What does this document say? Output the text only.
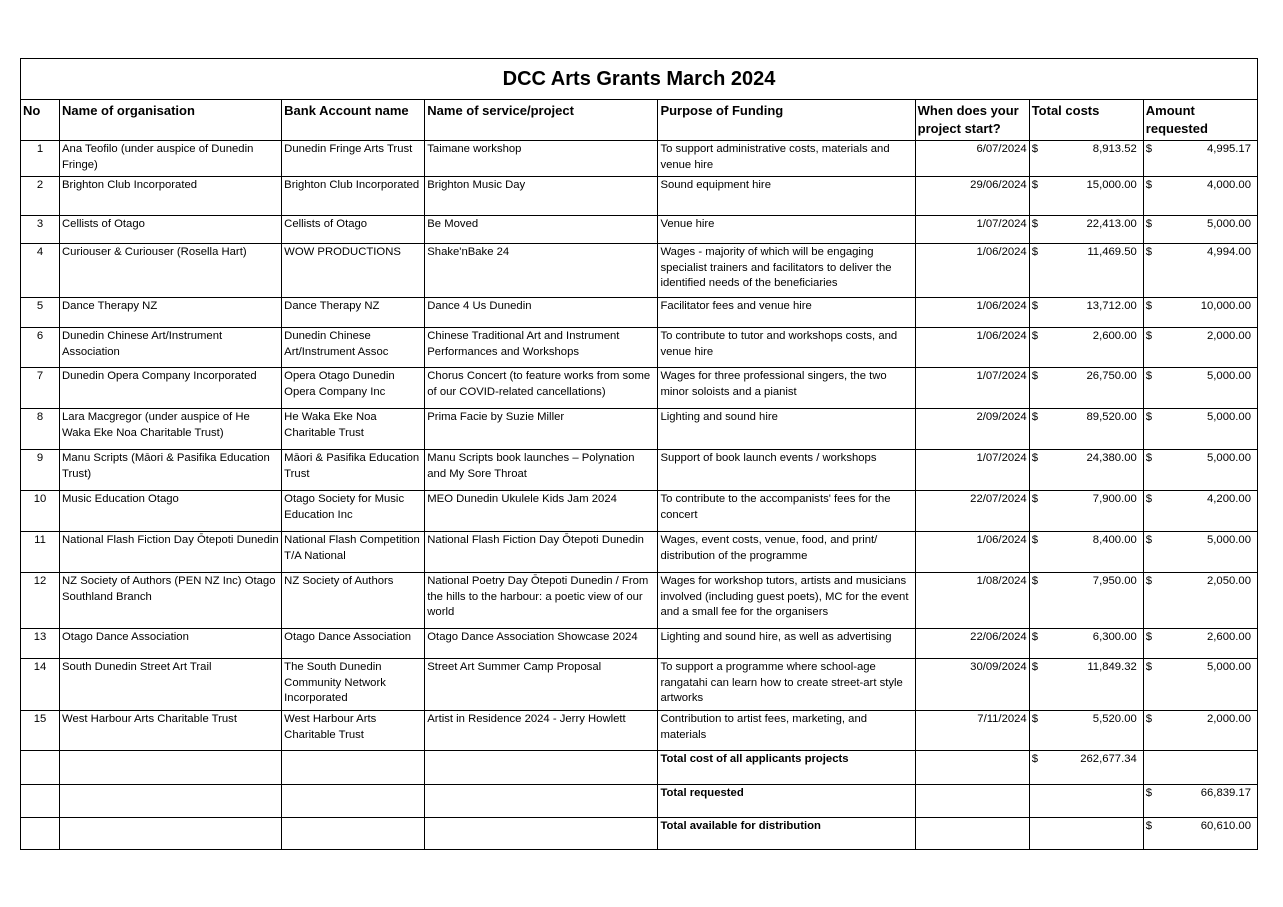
DCC Arts Grants March 2024							
No	Name of organisation	Bank Account name	Name of service/project	Purpose of Funding	When does your project start?	Total costs	Amount requested
1	Ana Teofilo (under auspice of Dunedin Fringe)	Dunedin Fringe Arts Trust	Taimane workshop	To support administrative costs, materials and venue hire	6/07/2024	$ 8,913.52	$ 4,995.17

2	Brighton Club Incorporated	Brighton Club Incorporated	Brighton Music Day	Sound equipment hire	29/06/2024	$ 15,000.00	$ 4,000.00

3	Cellists of Otago	Cellists of Otago	Be Moved	Venue hire	1/07/2024	$ 22,413.00	$ 5,000.00

4	Curiouser & Curiouser (Rosella Hart)	WOW PRODUCTIONS	Shake'nBake 24	Wages - majority of which will be engaging specialist trainers and facilitators to deliver the identified needs of the beneficiaries	1/06/2024	$ 11,469.50	$ 4,994.00

5	Dance Therapy NZ	Dance Therapy NZ	Dance 4 Us Dunedin	Facilitator fees and venue hire	1/06/2024	$ 13,712.00	$ 10,000.00

6	Dunedin Chinese Art/Instrument Association	Dunedin Chinese Art/Instrument Assoc	Chinese Traditional Art and Instrument Performances and Workshops	To contribute to tutor and workshops costs, and venue hire	1/06/2024	$ 2,600.00	$ 2,000.00

7	Dunedin Opera Company Incorporated	Opera Otago Dunedin Opera Company Inc	Chorus Concert (to feature works from some of our COVID-related cancellations)	Wages for three professional singers, the two minor soloists and a pianist	1/07/2024	$ 26,750.00	$ 5,000.00

8	Lara Macgregor (under auspice of He Waka Eke Noa Charitable Trust)	He Waka Eke Noa Charitable Trust	Prima Facie by Suzie Miller	Lighting and sound hire	2/09/2024	$ 89,520.00	$ 5,000.00

9	Manu Scripts (Māori & Pasifika Education Trust)	Māori & Pasifika Education Trust	Manu Scripts book launches – Polynation and My Sore Throat	Support of book launch events / workshops	1/07/2024	$ 24,380.00	$ 5,000.00

10	Music Education Otago	Otago Society for Music Education Inc	MEO Dunedin Ukulele Kids Jam 2024	To contribute to the accompanists' fees for the concert	22/07/2024	$ 7,900.00	$ 4,200.00

11	National Flash Fiction Day Ōtepoti Dunedin	National Flash Competition T/A National	National Flash Fiction Day Ōtepoti Dunedin	Wages, event costs, venue, food, and print/ distribution of the programme	1/06/2024	$ 8,400.00	$ 5,000.00

12	NZ Society of Authors (PEN NZ Inc) Otago Southland Branch	NZ Society of Authors	National Poetry Day Ōtepoti Dunedin / From the hills to the harbour: a poetic view of our world	Wages for workshop tutors, artists and musicians involved (including guest poets), MC for the event and a small fee for the organisers	1/08/2024	$ 7,950.00	$ 2,050.00

13	Otago Dance Association	Otago Dance Association	Otago Dance Association Showcase 2024	Lighting and sound hire, as well as advertising	22/06/2024	$ 6,300.00	$ 2,600.00

14	South Dunedin Street Art Trail	The South Dunedin Community Network Incorporated	Street Art Summer Camp Proposal	To support a programme where school-age rangatahi can learn how to create street-art style artworks	30/09/2024	$ 11,849.32	$ 5,000.00

15	West Harbour Arts Charitable Trust	West Harbour Arts Charitable Trust	Artist in Residence 2024 - Jerry Howlett	Contribution to artist fees, marketing, and materials	7/11/2024	$ 5,520.00	$ 2,000.00

				Total cost of all applicants projects		$ 262,677.34	

				Total requested			$ 66,839.17

				Total available for distribution			$ 60,610.00
